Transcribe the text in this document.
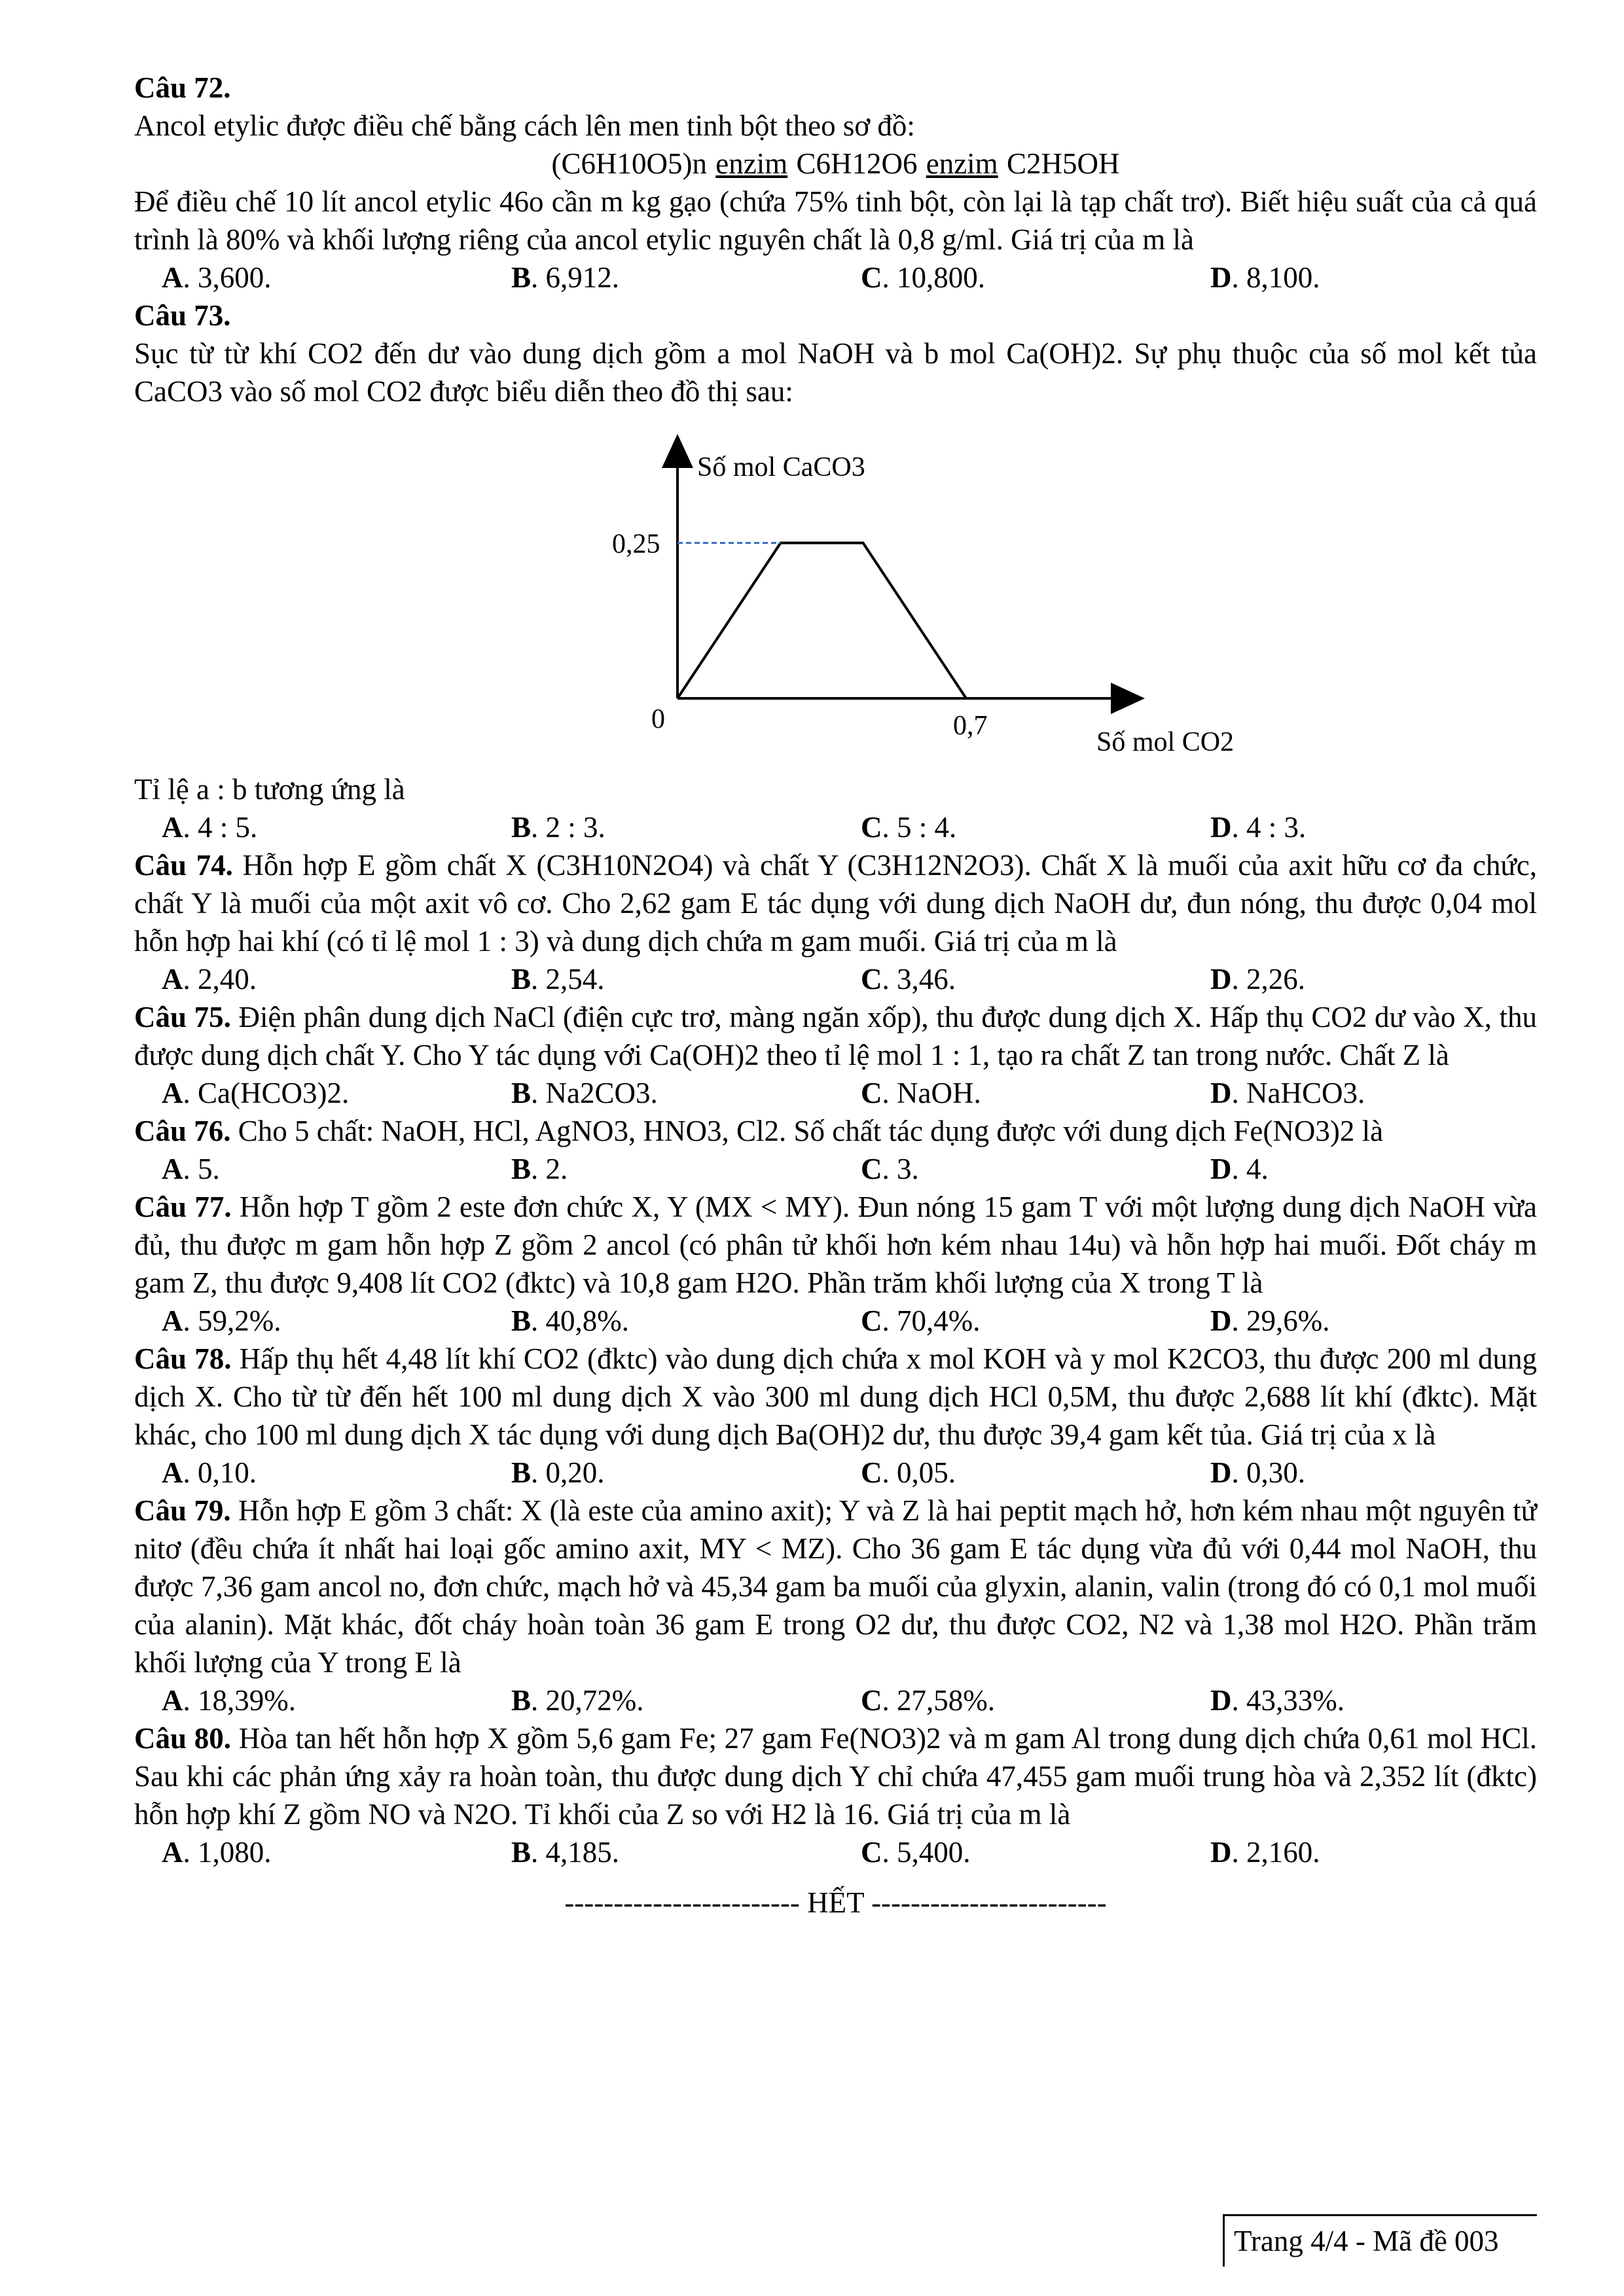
Câu 72.
Ancol etylic được điều chế bằng cách lên men tinh bột theo sơ đồ:
(C6H10O5)n enzim C6H12O6 enzim C2H5OH
Để điều chế 10 lít ancol etylic 46o cần m kg gạo (chứa 75% tinh bột, còn lại là tạp chất trơ). Biết hiệu suất của cả quá trình là 80% và khối lượng riêng của ancol etylic nguyên chất là 0,8 g/ml. Giá trị của m là
A. 3,600.	B. 6,912.	C. 10,800.	D. 8,100.
Câu 73.
Sục từ từ khí CO2 đến dư vào dung dịch gồm a mol NaOH và b mol Ca(OH)2. Sự phụ thuộc của số mol kết tủa CaCO3 vào số mol CO2 được biểu diễn theo đồ thị sau:
Số mol CaCO3
Số mol CO2
0
0,25
0,7
Tỉ lệ a : b tương ứng là
A. 4 : 5.	B. 2 : 3.	C. 5 : 4.	D. 4 : 3.
Câu 74. Hỗn hợp E gồm chất X (C3H10N2O4) và chất Y (C3H12N2O3). Chất X là muối của axit hữu cơ đa chức, chất Y là muối của một axit vô cơ. Cho 2,62 gam E tác dụng với dung dịch NaOH dư, đun nóng, thu được 0,04 mol hỗn hợp hai khí (có tỉ lệ mol 1 : 3) và dung dịch chứa m gam muối. Giá trị của m là
A. 2,40.	B. 2,54.	C. 3,46.	D. 2,26.
Câu 75. Điện phân dung dịch NaCl (điện cực trơ, màng ngăn xốp), thu được dung dịch X. Hấp thụ CO2 dư vào X, thu được dung dịch chất Y. Cho Y tác dụng với Ca(OH)2 theo tỉ lệ mol 1 : 1, tạo ra chất Z tan trong nước. Chất Z là
A. Ca(HCO3)2.	B. Na2CO3.	C. NaOH.	D. NaHCO3.
Câu 76. Cho 5 chất: NaOH, HCl, AgNO3, HNO3, Cl2. Số chất tác dụng được với dung dịch Fe(NO3)2 là
A. 5.	B. 2.	C. 3.	D. 4.
Câu 77. Hỗn hợp T gồm 2 este đơn chức X, Y (MX < MY). Đun nóng 15 gam T với một lượng dung dịch NaOH vừa đủ, thu được m gam hỗn hợp Z gồm 2 ancol (có phân tử khối hơn kém nhau 14u) và hỗn hợp hai muối. Đốt cháy m gam Z, thu được 9,408 lít CO2 (đktc) và 10,8 gam H2O. Phần trăm khối lượng của X trong T là
A. 59,2%.	B. 40,8%.	C. 70,4%.	D. 29,6%.
Câu 78. Hấp thụ hết 4,48 lít khí CO2 (đktc) vào dung dịch chứa x mol KOH và y mol K2CO3, thu được 200 ml dung dịch X. Cho từ từ đến hết 100 ml dung dịch X vào 300 ml dung dịch HCl 0,5M, thu được 2,688 lít khí (đktc). Mặt khác, cho 100 ml dung dịch X tác dụng với dung dịch Ba(OH)2 dư, thu được 39,4 gam kết tủa. Giá trị của x là
A. 0,10.	B. 0,20.	C. 0,05.	D. 0,30.
Câu 79. Hỗn hợp E gồm 3 chất: X (là este của amino axit); Y và Z là hai peptit mạch hở, hơn kém nhau một nguyên tử nitơ (đều chứa ít nhất hai loại gốc amino axit, MY < MZ). Cho 36 gam E tác dụng vừa đủ với 0,44 mol NaOH, thu được 7,36 gam ancol no, đơn chức, mạch hở và 45,34 gam ba muối của glyxin, alanin, valin (trong đó có 0,1 mol muối của alanin). Mặt khác, đốt cháy hoàn toàn 36 gam E trong O2 dư, thu được CO2, N2 và 1,38 mol H2O. Phần trăm khối lượng của Y trong E là
A. 18,39%.	B. 20,72%.	C. 27,58%.	D. 43,33%.
Câu 80. Hòa tan hết hỗn hợp X gồm 5,6 gam Fe; 27 gam Fe(NO3)2 và m gam Al trong dung dịch chứa 0,61 mol HCl. Sau khi các phản ứng xảy ra hoàn toàn, thu được dung dịch Y chỉ chứa 47,455 gam muối trung hòa và 2,352 lít (đktc) hỗn hợp khí Z gồm NO và N2O. Tỉ khối của Z so với H2 là 16. Giá trị của m là
A. 1,080.	B. 4,185.	C. 5,400.	D. 2,160.
------------------------ HẾT ------------------------
Trang 4/4 - Mã đề 003
